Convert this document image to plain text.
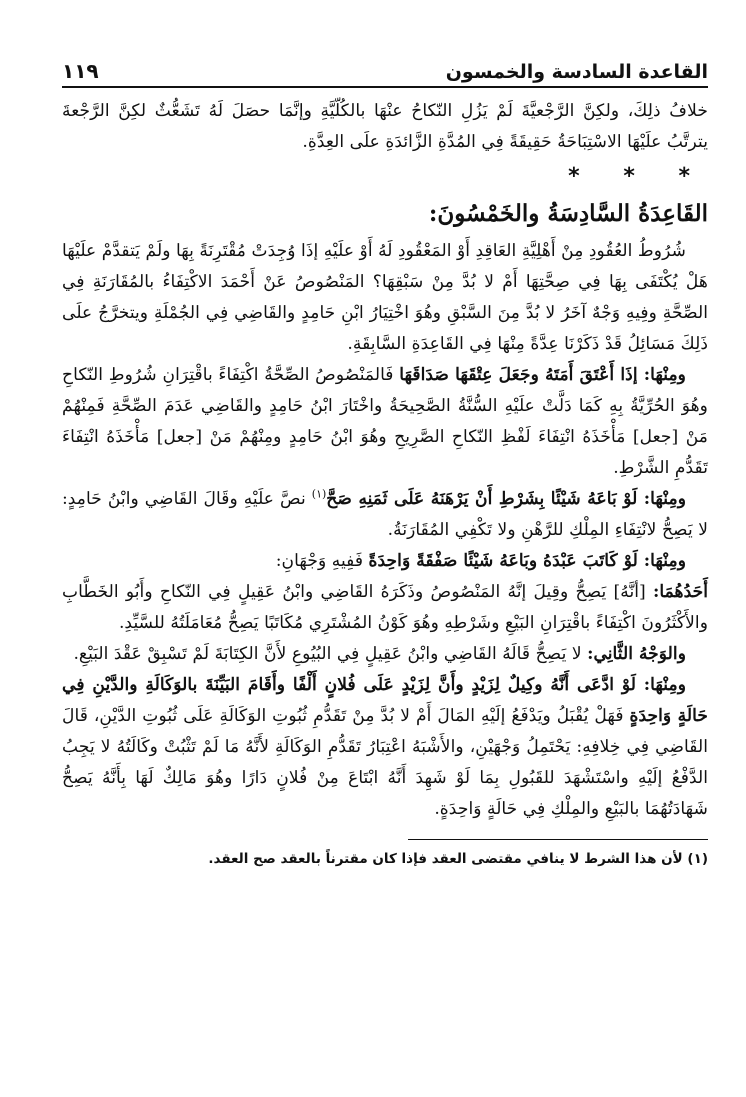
القاعدة السادسة والخمسون
١١٩

خلافُ ذلِكَ، ولكِنَّ الرَّجْعيَّةَ لَمْ يَزُلِ النّكاحُ عنْهَا بالكُلّيَّةِ وإنَّمَا حصَلَ لَهُ تَشَعُّثٌ لكِنَّ الرَّجْعةَ يترتَّبُ علَيْهَا الاسْتِبَاحَةُ حَقِيقَةً فِي المُدَّةِ الزَّائدَةِ علَى العِدَّةِ.

* * *
القَاعِدَةُ السَّادِسَةُ والخَمْسُونَ:

شُرُوطُ العُقُودِ مِنْ أَهْلِيَّةِ العَاقِدِ أَوْ المَعْقُودِ لَهُ أَوْ علَيْهِ إذَا وُجِدَتْ مُقْتَرِنَةً بِهَا ولَمْ يَتقدَّمْ علَيْهَا هَلْ يُكْتَفَى بِهَا فِي صِحَّتِهَا أَمْ لا بُدَّ مِنْ سَبْقِهَا؟ المَنْصُوصُ عَنْ أَحْمَدَ الاكْتِفَاءُ بالمُقَارَنَةِ فِي الصِّحَّةِ وفِيهِ وَجْهٌ آخَرُ لا بُدَّ مِنَ السَّبْقِ وهُوَ اخْتِيَارُ ابْنِ حَامِدٍ والقَاضِي فِي الجُمْلَةِ ويتخرَّجُ علَى ذَلِكَ مَسَائِلُ قَدْ ذَكَرْنَا عِدَّةً مِنْهَا فِي القَاعِدَةِ السَّابِقَةِ.

ومِنْهَا: إذَا أَعْتَقَ أَمَتَهُ وجَعَلَ عِتْقَهَا صَدَاقَهَا فَالمَنْصُوصُ الصِّحَّةُ اكْتِفَاءً باقْتِرَانِ شُرُوطِ النّكاحِ وهُوَ الحُرِّيَّةُ بِهِ كَمَا دَلَّتْ علَيْهِ السُّنَّةُ الصَّحِيحَةُ واخْتَارَ ابْنُ حَامِدٍ والقَاضِي عَدَمَ الصِّحَّةِ فَمِنْهُمْ مَنْ [جعل] مَأْخَذَهُ انْتِفَاءَ لَفْظِ النّكاحِ الصَّرِيحِ وهُوَ ابْنُ حَامِدٍ ومِنْهُمْ مَنْ [جعل] مَأْخَذَهُ انْتِفَاءَ تَقَدُّمِ الشَّرْطِ.

ومِنْهَا: لَوْ بَاعَهُ شَيْئًا بِشَرْطِ أَنْ يَرْهَنَهُ عَلَى ثَمَنِهِ صَحَّ$^{(١)}$ نصَّ علَيْهِ وقَالَ القَاضِي وابْنُ حَامِدٍ: لا يَصِحُّ لانْتِفَاءِ المِلْكِ للرَّهْنِ ولا تَكْفِي المُقَارَنَةُ.

ومِنْهَا: لَوْ كَاتَبَ عَبْدَهُ وبَاعَهُ شَيْئًا صَفْقَةً وَاحِدَةً فَفِيهِ وَجْهَانِ:

أَحَدُهُمَا: [أنَّهُ] يَصِحُّ وقِيلَ إنَّهُ المَنْصُوصُ وذَكَرَهُ القَاضِي وابْنُ عَقِيلٍ فِي النّكاحِ وأَبُو الخَطَّابِ والأَكْثَرُونَ اكْتِفَاءً باقْتِرَانِ البَيْعِ وشَرْطِهِ وهُوَ كَوْنُ المُشْتَرِي مُكَاتَبًا يَصِحُّ مُعَامَلَتُهُ للسَّيِّدِ.

والوَجْهُ الثَّانِي: لا يَصِحُّ قَالَهُ القَاضِي وابْنُ عَقِيلٍ فِي البُيُوعِ لأَنَّ الكِتَابَةَ لَمْ تَسْبِقْ عَقْدَ البَيْعِ.

ومِنْهَا: لَوْ ادَّعَى أَنَّهُ وكِيلٌ لِزَيْدٍ وأَنَّ لِزَيْدٍ عَلَى فُلانٍ أَلْفًا وأَقَامَ البَيِّنَةَ بالوَكَالَةِ والدَّيْنِ فِي حَالَةٍ وَاحِدَةٍ فَهَلْ يُقْبَلُ ويَدْفَعُ إلَيْهِ المَالَ أَمْ لا بُدَّ مِنْ تَقَدُّمِ ثُبُوتِ الوَكَالَةِ عَلَى ثُبُوتِ الدَّيْنِ، قَالَ القَاضِي فِي خِلافِهِ: يَحْتَمِلُ وَجْهَيْنِ، والأَشْبَهُ اعْتِبَارُ تَقَدُّمِ الوَكَالَةِ لأَنَّهُ مَا لَمْ تَثْبُتْ وكَالَتُهُ لا يَجِبُ الدَّفْعُ إلَيْهِ واسْتَشْهَدَ للقَبُولِ بِمَا لَوْ شَهِدَ أَنَّهُ ابْتَاعَ مِنْ فُلانٍ دَارًا وهُوَ مَالِكٌ لَهَا بِأَنَّهُ يَصِحُّ شَهَادَتُهُمَا بالبَيْعِ والمِلْكِ فِي حَالَةٍ وَاحِدَةٍ.

(١) لأن هذا الشرط لا ينافي مقتضى العقد فإذا كان مقترناً بالعقد صح العقد.
